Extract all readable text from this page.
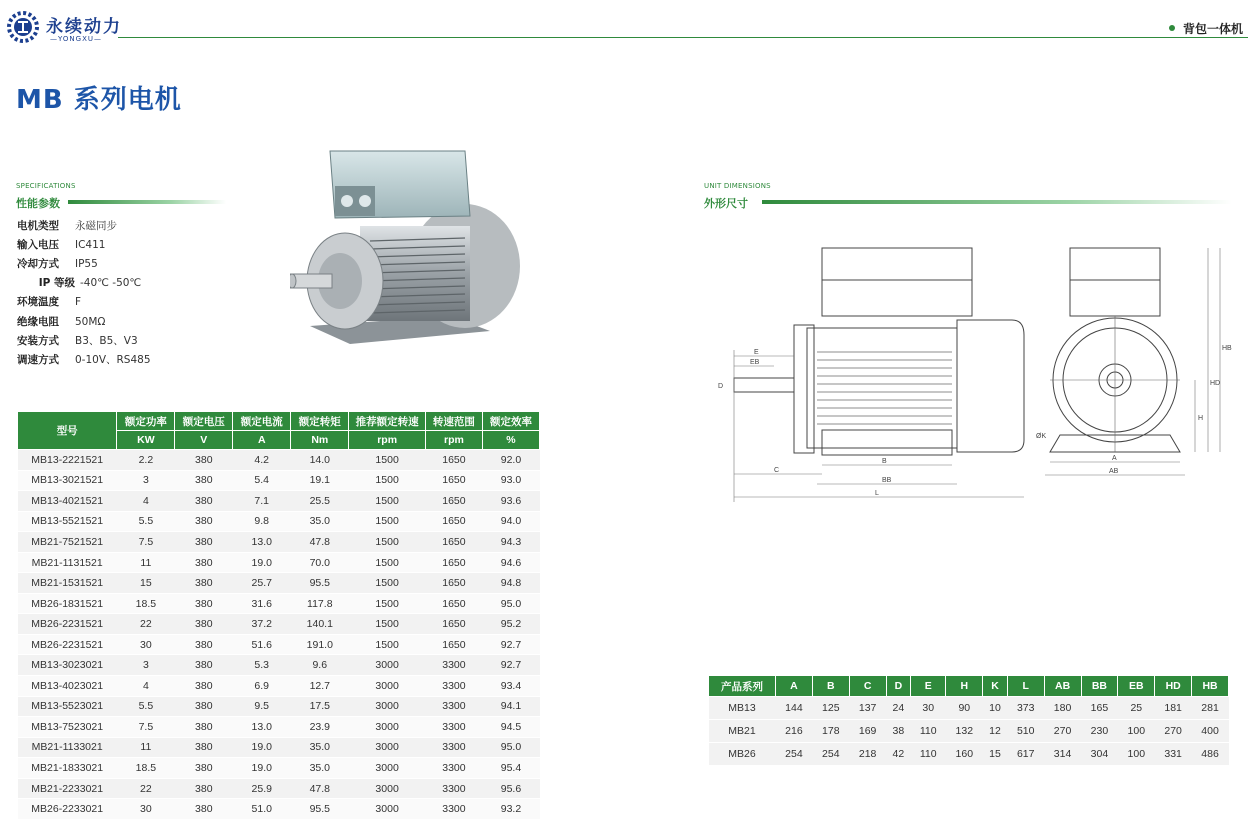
永续动力
—YONGXU—
背包一体机
MB 系列电机
SPECIFICATIONS
性能参数
电机类型 永磁同步
输入电压 IC411
冷却方式 IP55
IP 等级 -40℃ -50℃
环境温度 F
绝缘电阻 50MΩ
安装方式 B3、B5、V3
调速方式 0-10V、RS485
型号	额定功率	额定电压	额定电流	额定转矩	推荐额定转速	转速范围	额定效率
	KW	V	A	Nm	rpm	rpm	%
MB13-2221521	2.2	380	4.2	14.0	1500	1650	92.0
MB13-3021521	3	380	5.4	19.1	1500	1650	93.0
MB13-4021521	4	380	7.1	25.5	1500	1650	93.6
MB13-5521521	5.5	380	9.8	35.0	1500	1650	94.0
MB21-7521521	7.5	380	13.0	47.8	1500	1650	94.3
MB21-1131521	11	380	19.0	70.0	1500	1650	94.6
MB21-1531521	15	380	25.7	95.5	1500	1650	94.8
MB26-1831521	18.5	380	31.6	117.8	1500	1650	95.0
MB26-2231521	22	380	37.2	140.1	1500	1650	95.2
MB26-2231521	30	380	51.6	191.0	1500	1650	92.7
MB13-3023021	3	380	5.3	9.6	3000	3300	92.7
MB13-4023021	4	380	6.9	12.7	3000	3300	93.4
MB13-5523021	5.5	380	9.5	17.5	3000	3300	94.1
MB13-7523021	7.5	380	13.0	23.9	3000	3300	94.5
MB21-1133021	11	380	19.0	35.0	3000	3300	95.0
MB21-1833021	18.5	380	19.0	35.0	3000	3300	95.4
MB21-2233021	22	380	25.9	47.8	3000	3300	95.6
MB26-2233021	30	380	51.0	95.5	3000	3300	93.2
UNIT DIMENSIONS
外形尺寸
E
EB
D
C
B
BB
L
A
AB
H
HD
HB
ØK
产品系列	A	B	C	D	E	H	K	L	AB	BB	EB	HD	HB
MB13	144	125	137	24	30	90	10	373	180	165	25	181	281
MB21	216	178	169	38	110	132	12	510	270	230	100	270	400
MB26	254	254	218	42	110	160	15	617	314	304	100	331	486
